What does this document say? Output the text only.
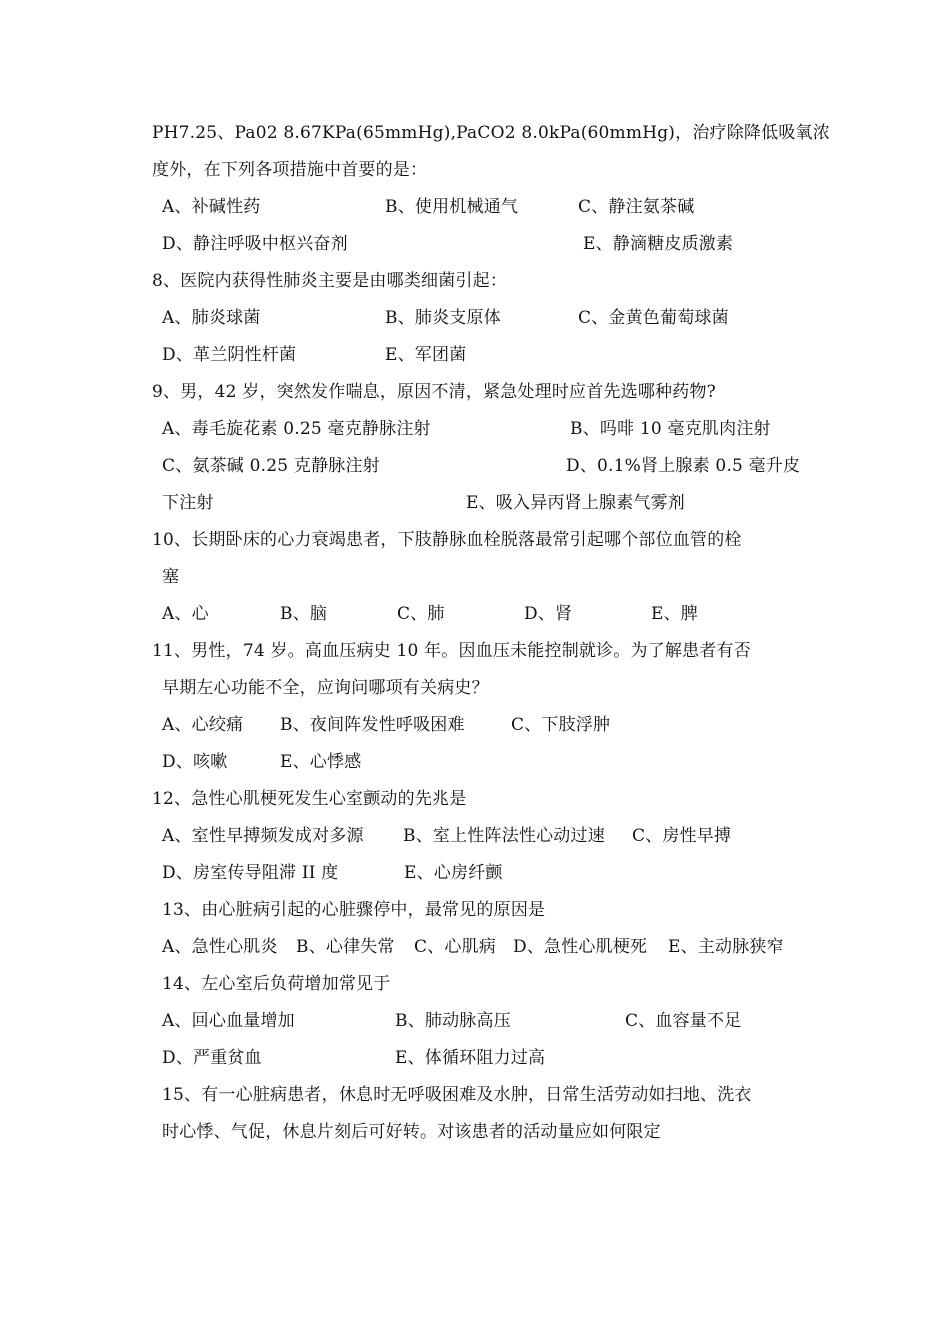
PH7.25、Pa02 8.67KPa(65mmHg),PaCO2 8.0kPa(60mmHg)，治疗除降低吸氧浓
度外，在下列各项措施中首要的是：
A、补碱性药	B、使用机械通气	C、静注氨茶碱
D、静注呼吸中枢兴奋剂	E、静滴糖皮质激素
8、医院内获得性肺炎主要是由哪类细菌引起：
A、肺炎球菌	B、肺炎支原体	C、金黄色葡萄球菌
D、革兰阴性杆菌	E、军团菌
9、男，42 岁，突然发作喘息，原因不清，紧急处理时应首先选哪种药物?
A、毒毛旋花素 0.25 毫克静脉注射	B、吗啡 10 毫克肌肉注射
C、氨茶碱 0.25 克静脉注射	D、0.1%肾上腺素 0.5 毫升皮
下注射	E、吸入异丙肾上腺素气雾剂
10、长期卧床的心力衰竭患者，下肢静脉血栓脱落最常引起哪个部位血管的栓
塞
A、心	B、脑	C、肺	D、肾	E、脾
11、男性，74 岁。高血压病史 10 年。因血压未能控制就诊。为了解患者有否
早期左心功能不全，应询问哪项有关病史？
A、心绞痛 B、夜间阵发性呼吸困难	C、下肢浮肿
D、咳嗽	E、心悸感
12、急性心肌梗死发生心室颤动的先兆是
A、室性早搏频发成对多源 B、室上性阵法性心动过速 C、房性早搏
D、房室传导阻滞 II 度	E、心房纤颤
13、由心脏病引起的心脏骤停中，最常见的原因是
A、急性心肌炎 B、心律失常 C、心肌病 D、急性心肌梗死 E、主动脉狭窄
14、左心室后负荷增加常见于
A、回心血量增加	B、肺动脉高压	C、血容量不足
D、严重贫血	E、体循环阻力过高
15、有一心脏病患者，休息时无呼吸困难及水肿，日常生活劳动如扫地、洗衣
时心悸、气促，休息片刻后可好转。对该患者的活动量应如何限定
